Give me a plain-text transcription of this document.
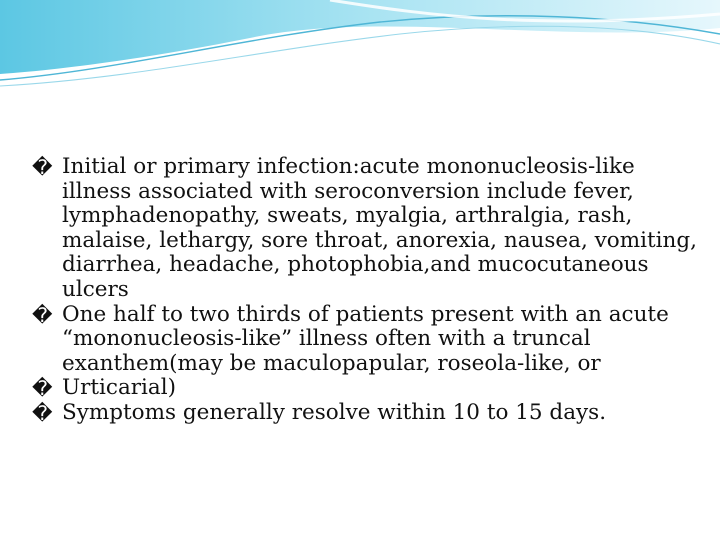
� Initial or primary infection:acute mononucleosis-like illness associated with seroconversion include fever, lymphadenopathy, sweats, myalgia, arthralgia, rash, malaise, lethargy, sore throat, anorexia, nausea, vomiting, diarrhea, headache, photophobia,and mucocutaneous ulcers

� One half to two thirds of patients present with an acute “mononucleosis-like” illness often with a truncal exanthem(may be maculopapular, roseola-like, or

� Urticarial)

� Symptoms generally resolve within 10 to 15 days.
